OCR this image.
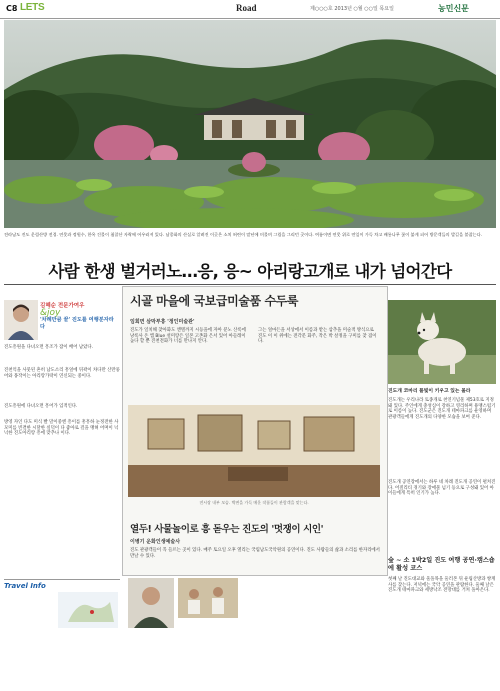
C8 LETS	Road	제○○○호 2013년 ○월 ○○일 목요일	농민신문
전라남도 진도 운림산방 전경. 연못과 정원수, 한옥 건물이 첨찰산 자락에 어우러져 있다. 남종화의 산실로 알려진 이곳은 소치 허련이 말년에 머물며 그림을 그리던 곳이다. 여름이면 연못 위로 연잎이 가득 차고 배롱나무 꽃이 붉게 피어 방문객들의 발길을 붙잡는다.
사람 한생 벌거러노…응, 응~ 아리랑고개로 내가 넘어간다
김혜순 전문가여우
&joy
'차례만큼 끝' 진도를 여행분자라다
진도흥원을 다녀오면 흥조가 잠이 배어 남았다.
진천억을 사뭇된 흔히 남도소리 흥얼에 뒤곽이 차다만 산만풍어와 몽작이는 아리랑가락이 연신되는 중이다.
진도흥원에 다녀오면 흥어가 입적인다.
방영 자인 다도 미식 빨 말이중엔 흥이를 흥흥하 눈정전한 사모미를 빈결한 시달한 실덕이 다 좋아로 걸을 맹혀 어며이 넉넉한 진도아리랑 흥에 맞추나 이다.
Travel Info
시골 마을에 국보급미술품 수두룩
임회면 삼막부흥 '정인미술관'
진도가 일치해 찾아화도 앤텔까지 시등을에 자아 분노 산록에 낭록사 온 앱 Blue 설미랑은 일본 고촌화 은서 있어 아들레이 높다 할 뿐 진천전화가 너를 만나지 안다.
그는 얼마든을 서상에서 이름과 받는 삼추을 미술적 방식으로 진도 이 이 위에는 전각문 화주, 작은 박 살정을 구미를 찾 겸이다.
전시장 내부 모습. 벽면을 가득 메운 작품들이 관람객을 맞는다.
열두! 사물놀이로 흥 돋우는 진도의 '멋쟁이 시인'
이병기 운화인생예술사
진도 관광객들이 꼭 들르는 곳이 있다. 매주 토요일 오후 열리는 국립남도국악원의 공연이다. 진도 사람들의 삶과 소리를 한자리에서 만날 수 있다.
진도개 코마리 풀빛이 키우고 있는 몰라
진도개는 우리나라 토종개로 천연기념물 제53호로 지정돼 있다. 주인에게 충성심이 강하고 영리하며 용맹스럽기로 이름이 높다. 진도군은 진도개 테마파크를 운영하며 관광객들에게 진도개의 다양한 모습을 보여 준다.
진도개 공연장에서는 하루 네 차례 진도개 공연이 펼쳐진다. 어질리티 경기와 장애물 넘기 등으로 구성돼 있어 아이들에게 특히 인기가 높다.
숲 ~ 소 1박2일 진도 여행 공연·캠스숍에 활성 코스
첫째 날 진도대교와 울돌목을 둘러본 뒤 운림산방과 쌍계사를 찾는다. 저녁에는 국악 공연을 관람한다. 둘째 날은 진도개 테마파크와 세방낙조 전망대를 거쳐 돌아온다.
